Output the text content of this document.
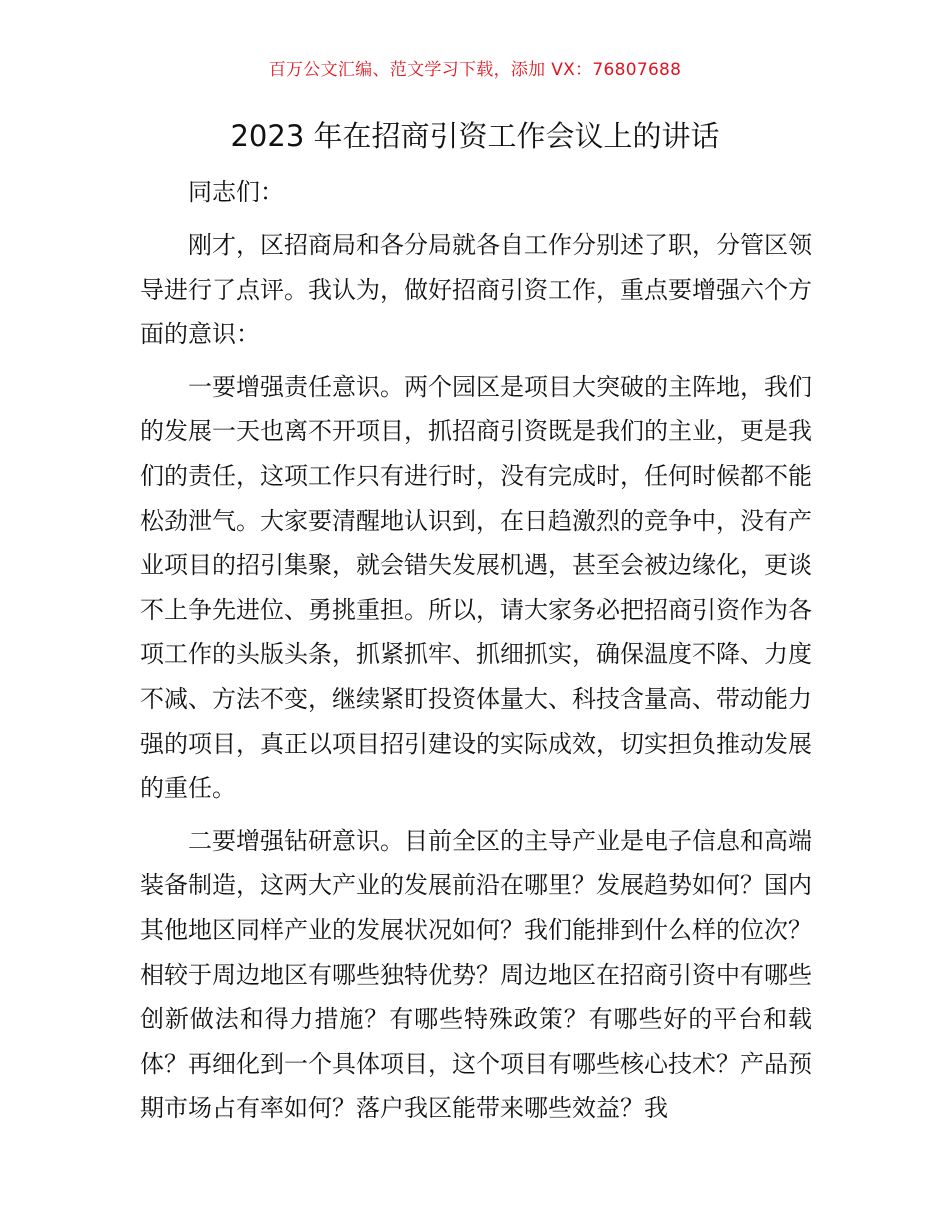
百万公文汇编、范文学习下载，添加 VX：76807688
2023 年在招商引资工作会议上的讲话
同志们：

刚才，区招商局和各分局就各自工作分别述了职，分管区领导进行了点评。我认为，做好招商引资工作，重点要增强六个方面的意识：

一要增强责任意识。两个园区是项目大突破的主阵地，我们的发展一天也离不开项目，抓招商引资既是我们的主业，更是我们的责任，这项工作只有进行时，没有完成时，任何时候都不能松劲泄气。大家要清醒地认识到，在日趋激烈的竞争中，没有产业项目的招引集聚，就会错失发展机遇，甚至会被边缘化，更谈不上争先进位、勇挑重担。所以，请大家务必把招商引资作为各项工作的头版头条，抓紧抓牢、抓细抓实，确保温度不降、力度不减、方法不变，继续紧盯投资体量大、科技含量高、带动能力强的项目，真正以项目招引建设的实际成效，切实担负推动发展的重任。

二要增强钻研意识。目前全区的主导产业是电子信息和高端装备制造，这两大产业的发展前沿在哪里？发展趋势如何？国内其他地区同样产业的发展状况如何？我们能排到什么样的位次？相较于周边地区有哪些独特优势？周边地区在招商引资中有哪些创新做法和得力措施？有哪些特殊政策？有哪些好的平台和载体？再细化到一个具体项目，这个项目有哪些核心技术？产品预期市场占有率如何？落户我区能带来哪些效益？我
